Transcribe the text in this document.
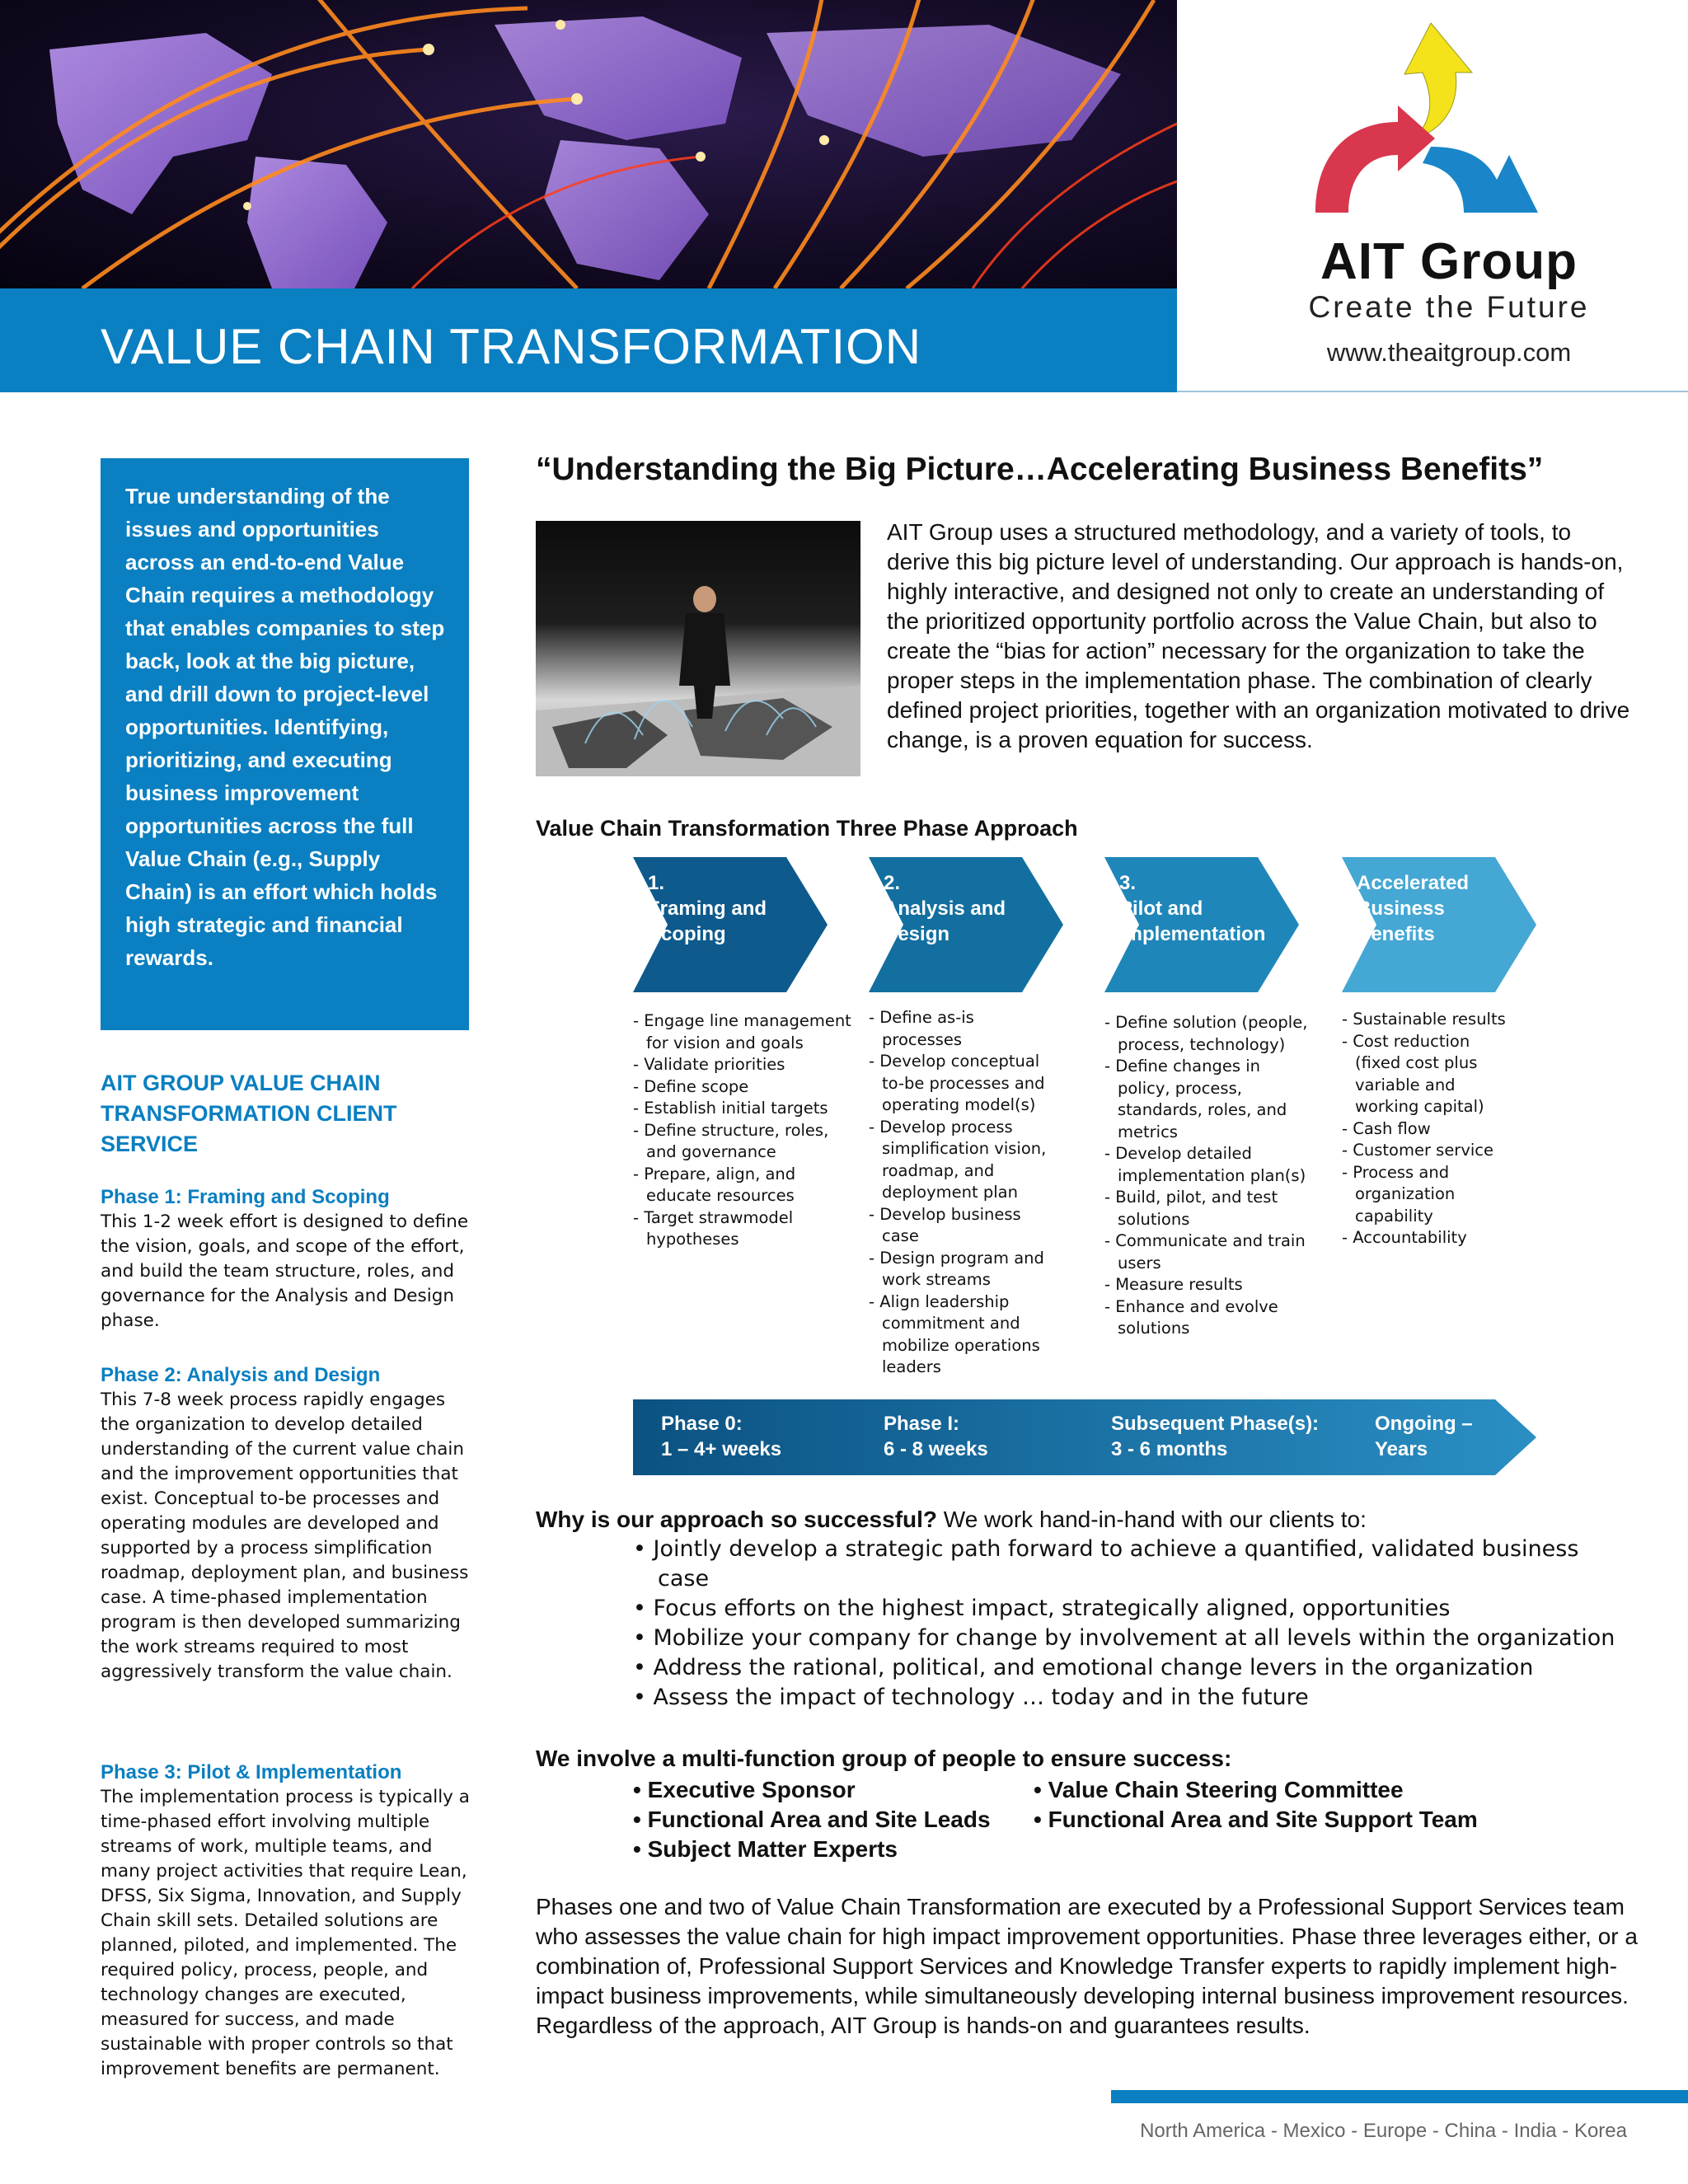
VALUE CHAIN TRANSFORMATION
AIT Group
Create the Future
www.theaitgroup.com

True understanding of the issues and opportunities across an end-to-end Value Chain requires a methodology that enables companies to step back, look at the big picture, and drill down to project-level opportunities. Identifying, prioritizing, and executing business improvement opportunities across the full Value Chain (e.g., Supply Chain) is an effort which holds high strategic and financial rewards.

AIT GROUP VALUE CHAIN TRANSFORMATION CLIENT SERVICE
Phase 1: Framing and Scoping

This 1-2 week effort is designed to define the vision, goals, and scope of the effort, and build the team structure, roles, and governance for the Analysis and Design phase.

Phase 2: Analysis and Design

This 7-8 week process rapidly engages the organization to develop detailed understanding of the current value chain and the improvement opportunities that exist. Conceptual to-be processes and operating modules are developed and supported by a process simplification roadmap, deployment plan, and business case. A time-phased implementation program is then developed summarizing the work streams required to most aggressively transform the value chain.

Phase 3: Pilot & Implementation

The implementation process is typically a time-phased effort involving multiple streams of work, multiple teams, and many project activities that require Lean, DFSS, Six Sigma, Innovation, and Supply Chain skill sets. Detailed solutions are planned, piloted, and implemented. The required policy, process, people, and technology changes are executed, measured for success, and made sustainable with proper controls so that improvement benefits are permanent.

“Understanding the Big Picture…Accelerating Business Benefits”

AIT Group uses a structured methodology, and a variety of tools, to derive this big picture level of understanding. Our approach is hands-on, highly interactive, and designed not only to create an understanding of the prioritized opportunity portfolio across the Value Chain, but also to create the “bias for action” necessary for the organization to take the proper steps in the implementation phase. The combination of clearly defined project priorities, together with an organization motivated to drive change, is a proven equation for success.

Value Chain Transformation Three Phase Approach
1.
Framing and
Scoping
2.
Analysis and
Design
3.
Pilot and
Implementation
Accelerated
Business
Benefits
- Engage line management for vision and goals
- Validate priorities
- Define scope
- Establish initial targets
- Define structure, roles, and governance
- Prepare, align, and educate resources
- Target strawmodel hypotheses
- Define as-is processes
- Develop conceptual to-be processes and operating model(s)
- Develop process simplification vision, roadmap, and deployment plan
- Develop business case
- Design program and work streams
- Align leadership commitment and mobilize operations leaders
- Define solution (people, process, technology)
- Define changes in policy, process, standards, roles, and metrics
- Develop detailed implementation plan(s)
- Build, pilot, and test solutions
- Communicate and train users
- Measure results
- Enhance and evolve solutions
- Sustainable results
- Cost reduction (fixed cost plus variable and working capital)
- Cash flow
- Customer service
- Process and organization capability
- Accountability
Phase 0:
1 – 4+ weeks
Phase I:
6 - 8 weeks
Subsequent Phase(s):
3 - 6 months
Ongoing –
Years

Why is our approach so successful? We work hand-in-hand with our clients to:

• Jointly develop a strategic path forward to achieve a quantified, validated business case
• Focus efforts on the highest impact, strategically aligned, opportunities
• Mobilize your company for change by involvement at all levels within the organization
• Address the rational, political, and emotional change levers in the organization
• Assess the impact of technology … today and in the future
We involve a multi-function group of people to ensure success:
• Executive Sponsor
• Functional Area and Site Leads
• Subject Matter Experts
• Value Chain Steering Committee
• Functional Area and Site Support Team

Phases one and two of Value Chain Transformation are executed by a Professional Support Services team who assesses the value chain for high impact improvement opportunities. Phase three leverages either, or a combination of, Professional Support Services and Knowledge Transfer experts to rapidly implement high-impact business improvements, while simultaneously developing internal business improvement resources. Regardless of the approach, AIT Group is hands-on and guarantees results.

North America - Mexico - Europe - China - India - Korea
